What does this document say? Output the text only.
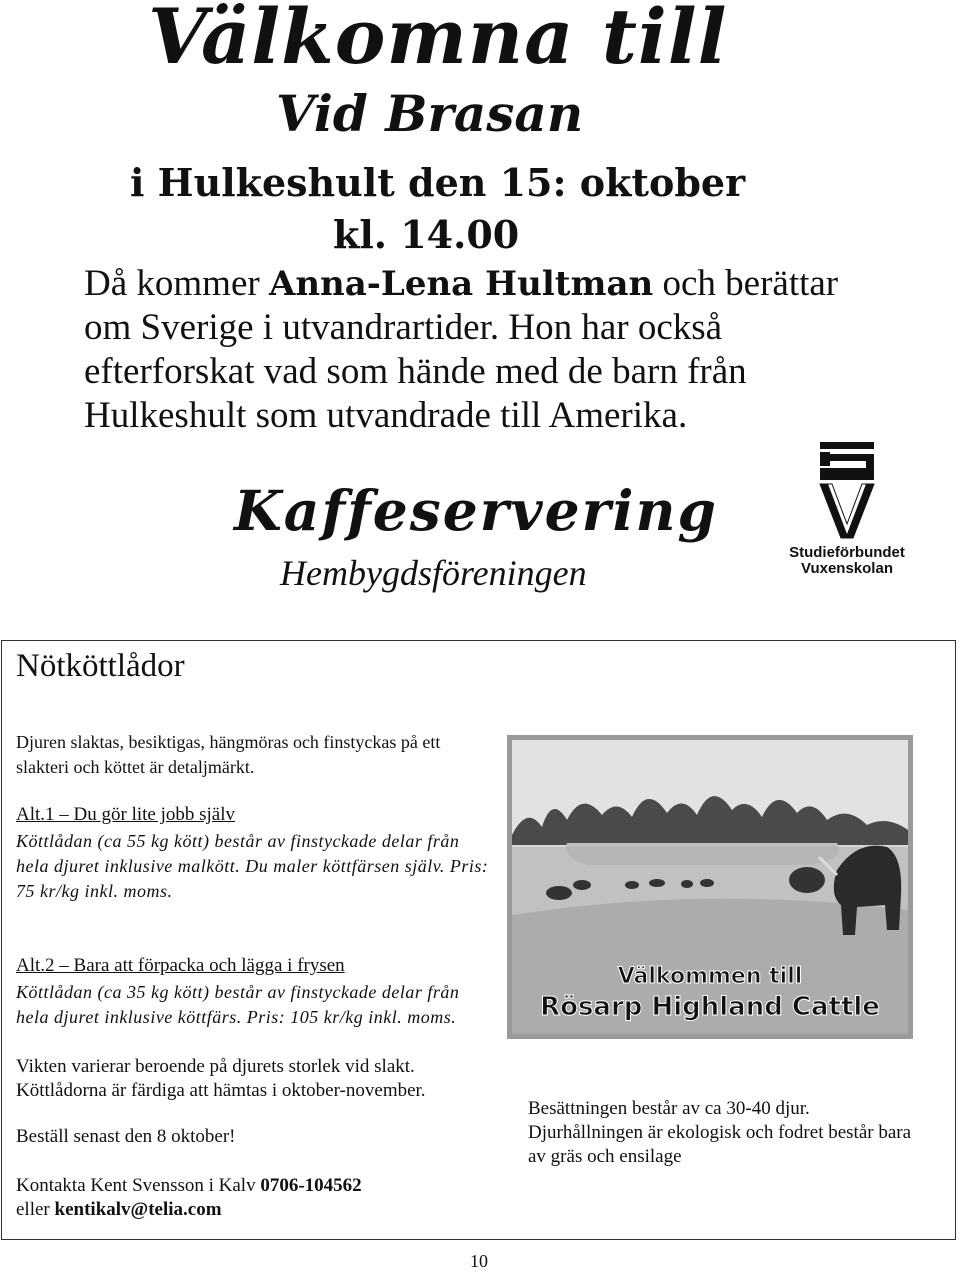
Välkomna till
Vid Brasan
i Hulkeshult den 15: oktober
kl. 14.00
Då kommer Anna-Lena Hultman och berättar om Sverige i utvandrartider. Hon har också efterforskat vad som hände med de barn från Hulkeshult som utvandrade till Amerika.
Kaffeservering
Hembygdsföreningen
Studieförbundet
Vuxenskolan
Nötköttlådor
Djuren slaktas, besiktigas, hängmöras och finstyckas på ett slakteri och köttet är detaljmärkt.
Alt.1 – Du gör lite jobb själv
Köttlådan (ca 55 kg kött) består av finstyckade delar från hela djuret inklusive malkött. Du maler köttfärsen själv. Pris: 75 kr/kg inkl. moms.
Alt.2 – Bara att förpacka och lägga i frysen
Köttlådan (ca 35 kg kött) består av finstyckade delar från hela djuret inklusive köttfärs. Pris: 105 kr/kg inkl. moms.
Vikten varierar beroende på djurets storlek vid slakt.
Köttlådorna är färdiga att hämtas i oktober-november.
Beställ senast den 8 oktober!
Kontakta Kent Svensson i Kalv 0706-104562
eller kentikalv@telia.com
Välkommen till
Rösarp Highland Cattle
Besättningen består av ca 30-40 djur. Djurhållningen är ekologisk och fodret består bara av gräs och ensilage
10
